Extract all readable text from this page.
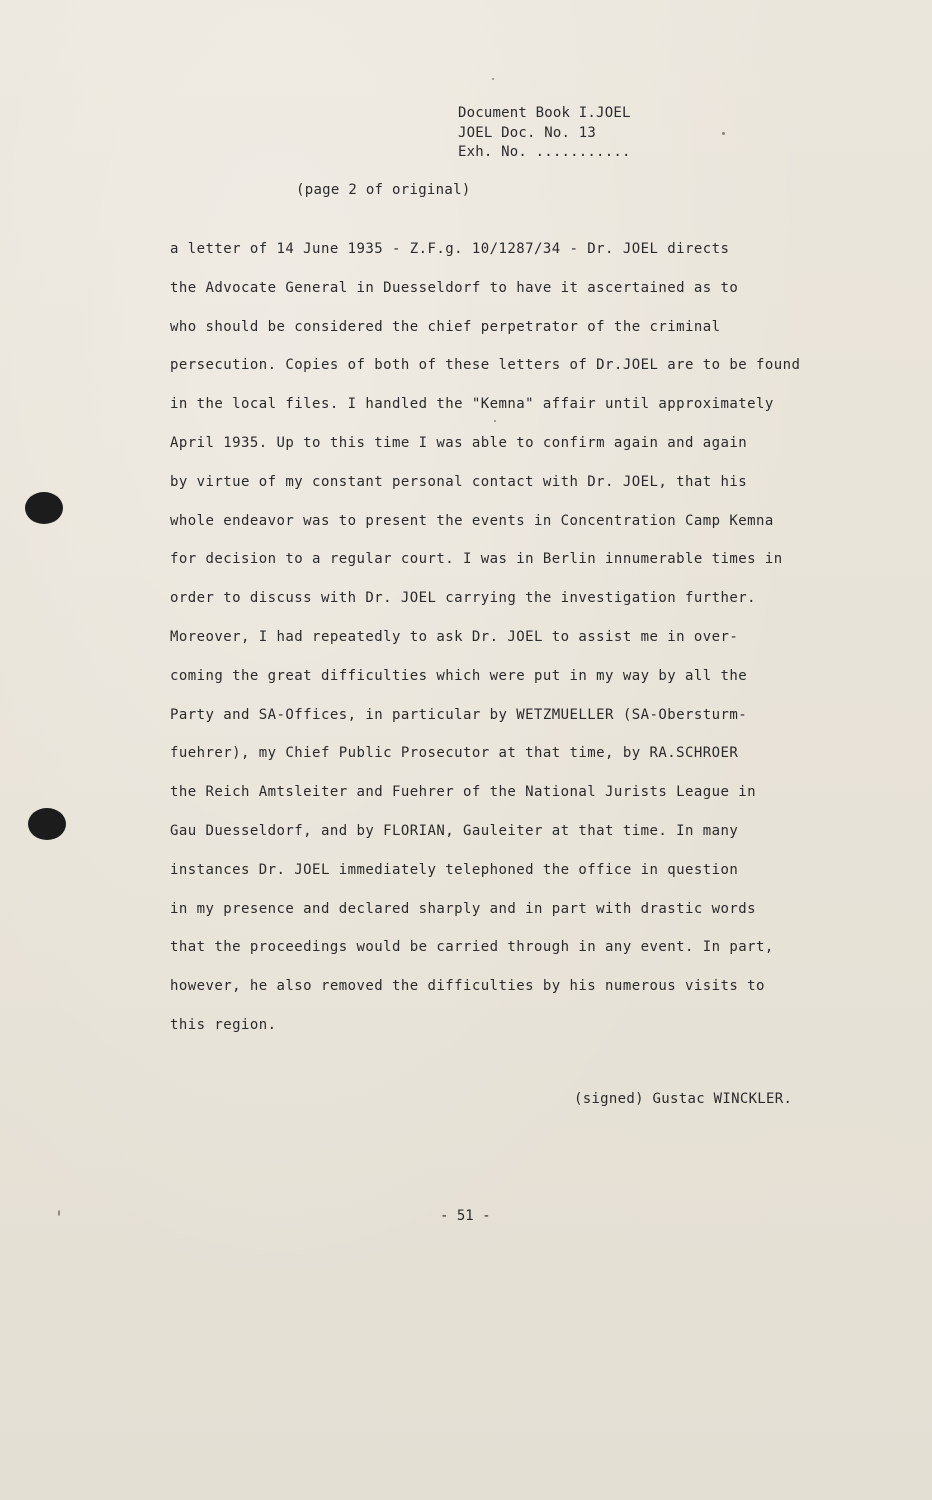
Document Book I.JOEL
JOEL Doc. No. 13
Exh. No. ...........
(page 2 of original)
a letter of 14 June 1935 - Z.F.g. 10/1287/34 - Dr. JOEL directs
the Advocate General in Duesseldorf to have it ascertained as to
who should be considered the chief perpetrator of the criminal
persecution. Copies of both of these letters of Dr.JOEL are to be found
in the local files. I handled the "Kemna" affair until approximately
April 1935. Up to this time I was able to confirm again and again
by virtue of my constant personal contact with Dr. JOEL, that his
whole endeavor was to present the events in Concentration Camp Kemna
for decision to a regular court. I was in Berlin innumerable times in
order to discuss with Dr. JOEL carrying the investigation further.
Moreover, I had repeatedly to ask Dr. JOEL to assist me in over-
coming the great difficulties which were put in my way by all the
Party and SA-Offices, in particular by WETZMUELLER (SA-Obersturm-
fuehrer), my Chief Public Prosecutor at that time, by RA.SCHROER
the Reich Amtsleiter and Fuehrer of the National Jurists League in
Gau Duesseldorf, and by FLORIAN, Gauleiter at that time. In many
instances Dr. JOEL immediately telephoned the office in question
in my presence and declared sharply and in part with drastic words
that the proceedings would be carried through in any event. In part,
however, he also removed the difficulties by his numerous visits to
this region.
(signed) Gustac WINCKLER.
- 51 -
